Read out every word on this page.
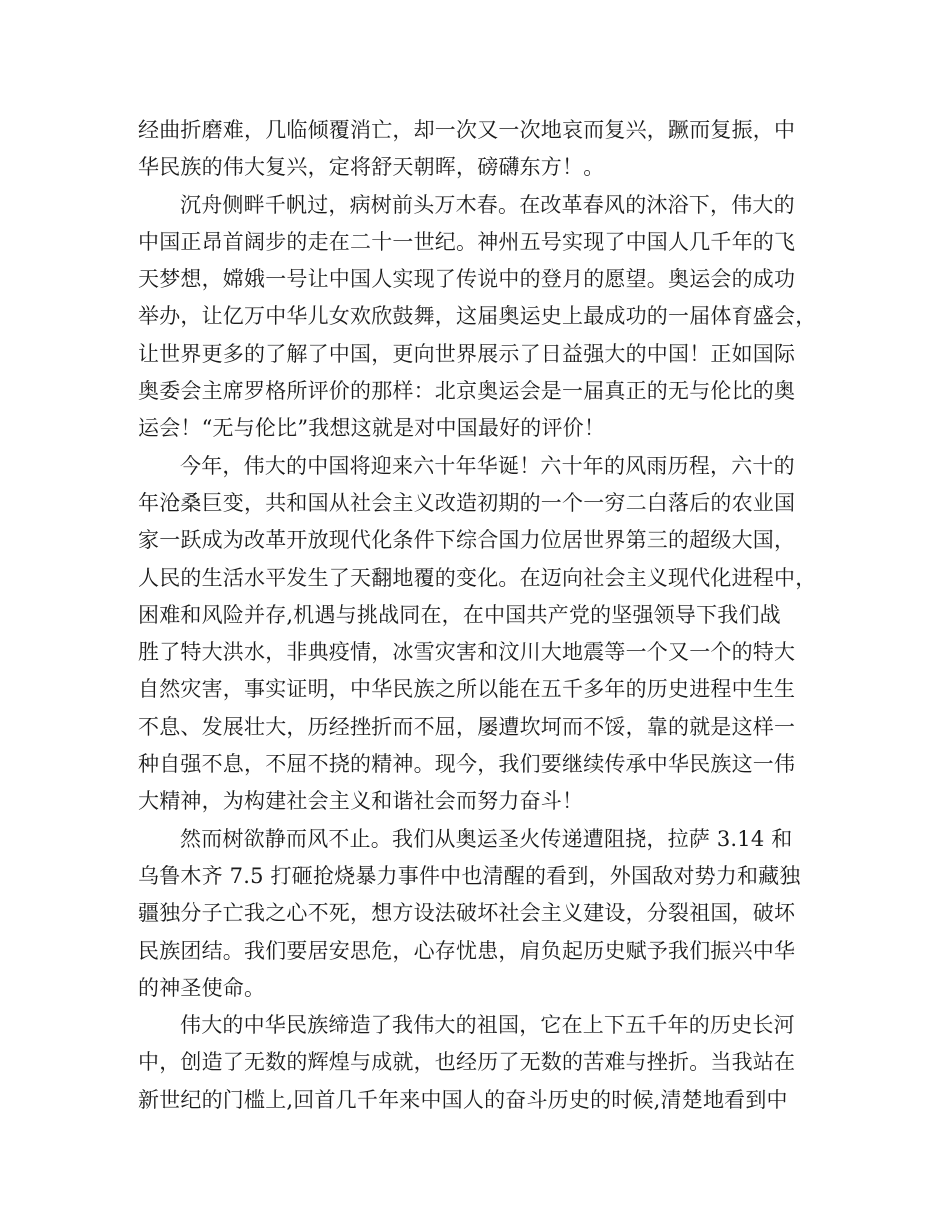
经曲折磨难，几临倾覆消亡，却一次又一次地哀而复兴，蹶而复振，中
华民族的伟大复兴，定将舒天朝晖，磅礴东方！。
沉舟侧畔千帆过，病树前头万木春。在改革春风的沐浴下，伟大的
中国正昂首阔步的走在二十一世纪。神州五号实现了中国人几千年的飞
天梦想，嫦娥一号让中国人实现了传说中的登月的愿望。奥运会的成功
举办，让亿万中华儿女欢欣鼓舞，这届奥运史上最成功的一届体育盛会，
让世界更多的了解了中国，更向世界展示了日益强大的中国！正如国际
奥委会主席罗格所评价的那样：北京奥运会是一届真正的无与伦比的奥
运会！“无与伦比”我想这就是对中国最好的评价！
今年，伟大的中国将迎来六十年华诞！六十年的风雨历程，六十的
年沧桑巨变，共和国从社会主义改造初期的一个一穷二白落后的农业国
家一跃成为改革开放现代化条件下综合国力位居世界第三的超级大国，
人民的生活水平发生了天翻地覆的变化。在迈向社会主义现代化进程中，
困难和风险并存,机遇与挑战同在，在中国共产党的坚强领导下我们战
胜了特大洪水，非典疫情，冰雪灾害和汶川大地震等一个又一个的特大
自然灾害，事实证明，中华民族之所以能在五千多年的历史进程中生生
不息、发展壮大，历经挫折而不屈，屡遭坎坷而不馁，靠的就是这样一
种自强不息，不屈不挠的精神。现今，我们要继续传承中华民族这一伟
大精神，为构建社会主义和谐社会而努力奋斗！
然而树欲静而风不止。我们从奥运圣火传递遭阻挠，拉萨 3.14 和
乌鲁木齐 7.5 打砸抢烧暴力事件中也清醒的看到，外国敌对势力和藏独
疆独分子亡我之心不死，想方设法破坏社会主义建设，分裂祖国，破坏
民族团结。我们要居安思危，心存忧患，肩负起历史赋予我们振兴中华
的神圣使命。
伟大的中华民族缔造了我伟大的祖国，它在上下五千年的历史长河
中，创造了无数的辉煌与成就，也经历了无数的苦难与挫折。当我站在
新世纪的门槛上,回首几千年来中国人的奋斗历史的时候,清楚地看到中
